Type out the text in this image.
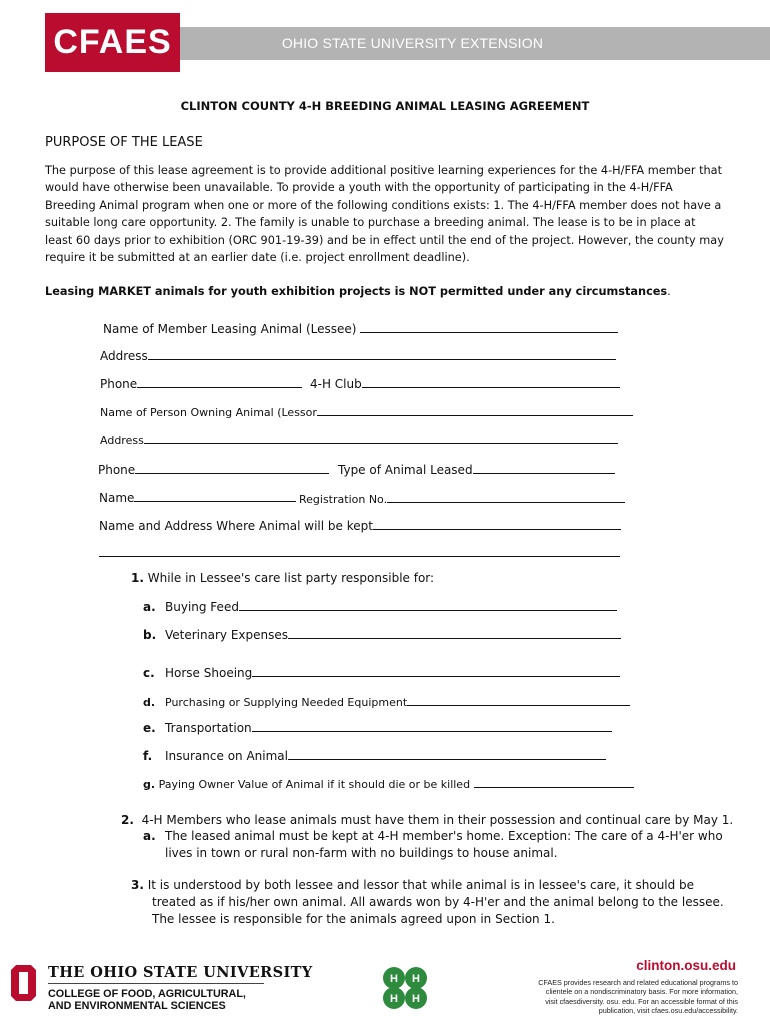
OHIO STATE UNIVERSITY EXTENSION
CFAES
CLINTON COUNTY 4-H BREEDING ANIMAL LEASING AGREEMENT
PURPOSE OF THE LEASE
The purpose of this lease agreement is to provide additional positive learning experiences for the 4-H/FFA member that would have otherwise been unavailable. To provide a youth with the opportunity of participating in the 4-H/FFA Breeding Animal program when one or more of the following conditions exists: 1. The 4-H/FFA member does not have a suitable long care opportunity. 2. The family is unable to purchase a breeding animal. The lease is to be in place at least 60 days prior to exhibition (ORC 901-19-39) and be in effect until the end of the project. However, the county may require it be submitted at an earlier date (i.e. project enrollment deadline).
Leasing MARKET animals for youth exhibition projects is NOT permitted under any circumstances.
Name of Member Leasing Animal (Lessee)
Address
Phone	4-H Club
Name of Person Owning Animal (Lessor
Address
Phone	Type of Animal Leased
Name	Registration No.
Name and Address Where Animal will be kept
1. While in Lessee's care list party responsible for:
a. Buying Feed
b. Veterinary Expenses
c. Horse Shoeing
d. Purchasing or Supplying Needed Equipment
e. Transportation
f. Insurance on Animal
g. Paying Owner Value of Animal if it should die or be killed
2. 4-H Members who lease animals must have them in their possession and continual care by May 1.
a. The leased animal must be kept at 4-H member's home. Exception: The care of a 4-H'er who
lives in town or rural non-farm with no buildings to house animal.
3. It is understood by both lessee and lessor that while animal is in lessee's care, it should be
treated as if his/her own animal. All awards won by 4-H'er and the animal belong to the lessee.
The lessee is responsible for the animals agreed upon in Section 1.
THE OHIO STATE UNIVERSITY
COLLEGE OF FOOD, AGRICULTURAL,
AND ENVIRONMENTAL SCIENCES
H H
H H
clinton.osu.edu
CFAES provides research and related educational programs to
clientele on a nondiscriminatory basis. For more information,
visit cfaesdiversity. osu. edu. For an accessible format of this
publication, visit cfaes.osu.edu/accessibility.
